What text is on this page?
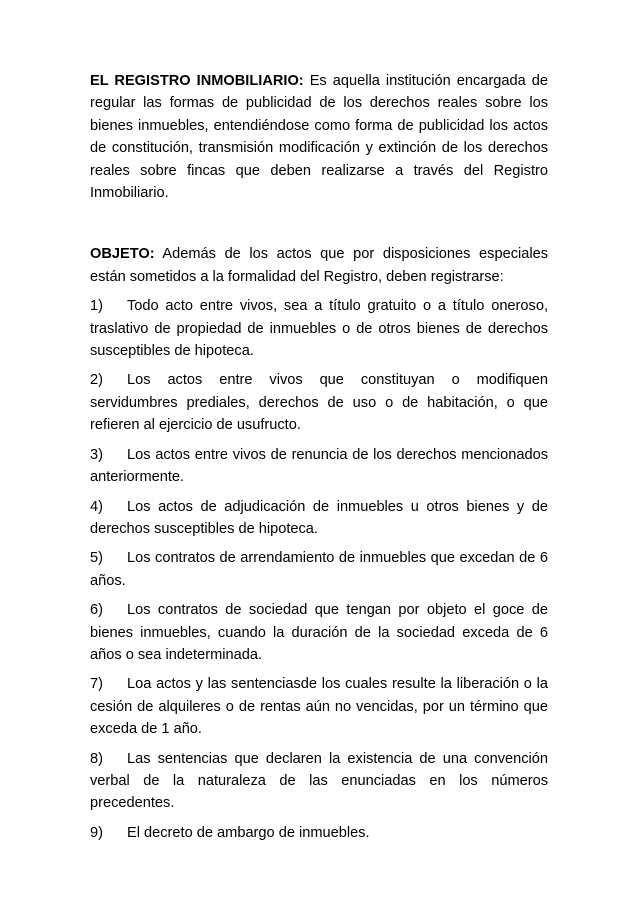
EL REGISTRO INMOBILIARIO: Es aquella institución encargada de regular las formas de publicidad de los derechos reales sobre los bienes inmuebles, entendiéndose como forma de publicidad los actos de constitución, transmisión modificación y extinción de los derechos reales sobre fincas que deben realizarse a través del Registro Inmobiliario.

OBJETO: Además de los actos que por disposiciones especiales están sometidos a la formalidad del Registro, deben registrarse:

1) Todo acto entre vivos, sea a título gratuito o a título oneroso, traslativo de propiedad de inmuebles o de otros bienes de derechos susceptibles de hipoteca.

2) Los actos entre vivos que constituyan o modifiquen servidumbres prediales, derechos de uso o de habitación, o que refieren al ejercicio de usufructo.

3) Los actos entre vivos de renuncia de los derechos mencionados anteriormente.

4) Los actos de adjudicación de inmuebles u otros bienes y de derechos susceptibles de hipoteca.

5) Los contratos de arrendamiento de inmuebles que excedan de 6 años.

6) Los contratos de sociedad que tengan por objeto el goce de bienes inmuebles, cuando la duración de la sociedad exceda de 6 años o sea indeterminada.

7) Loa actos y las sentenciasde los cuales resulte la liberación o la cesión de alquileres o de rentas aún no vencidas, por un término que exceda de 1 año.

8) Las sentencias que declaren la existencia de una convención verbal de la naturaleza de las enunciadas en los números precedentes.

9) El decreto de ambargo de inmuebles.
